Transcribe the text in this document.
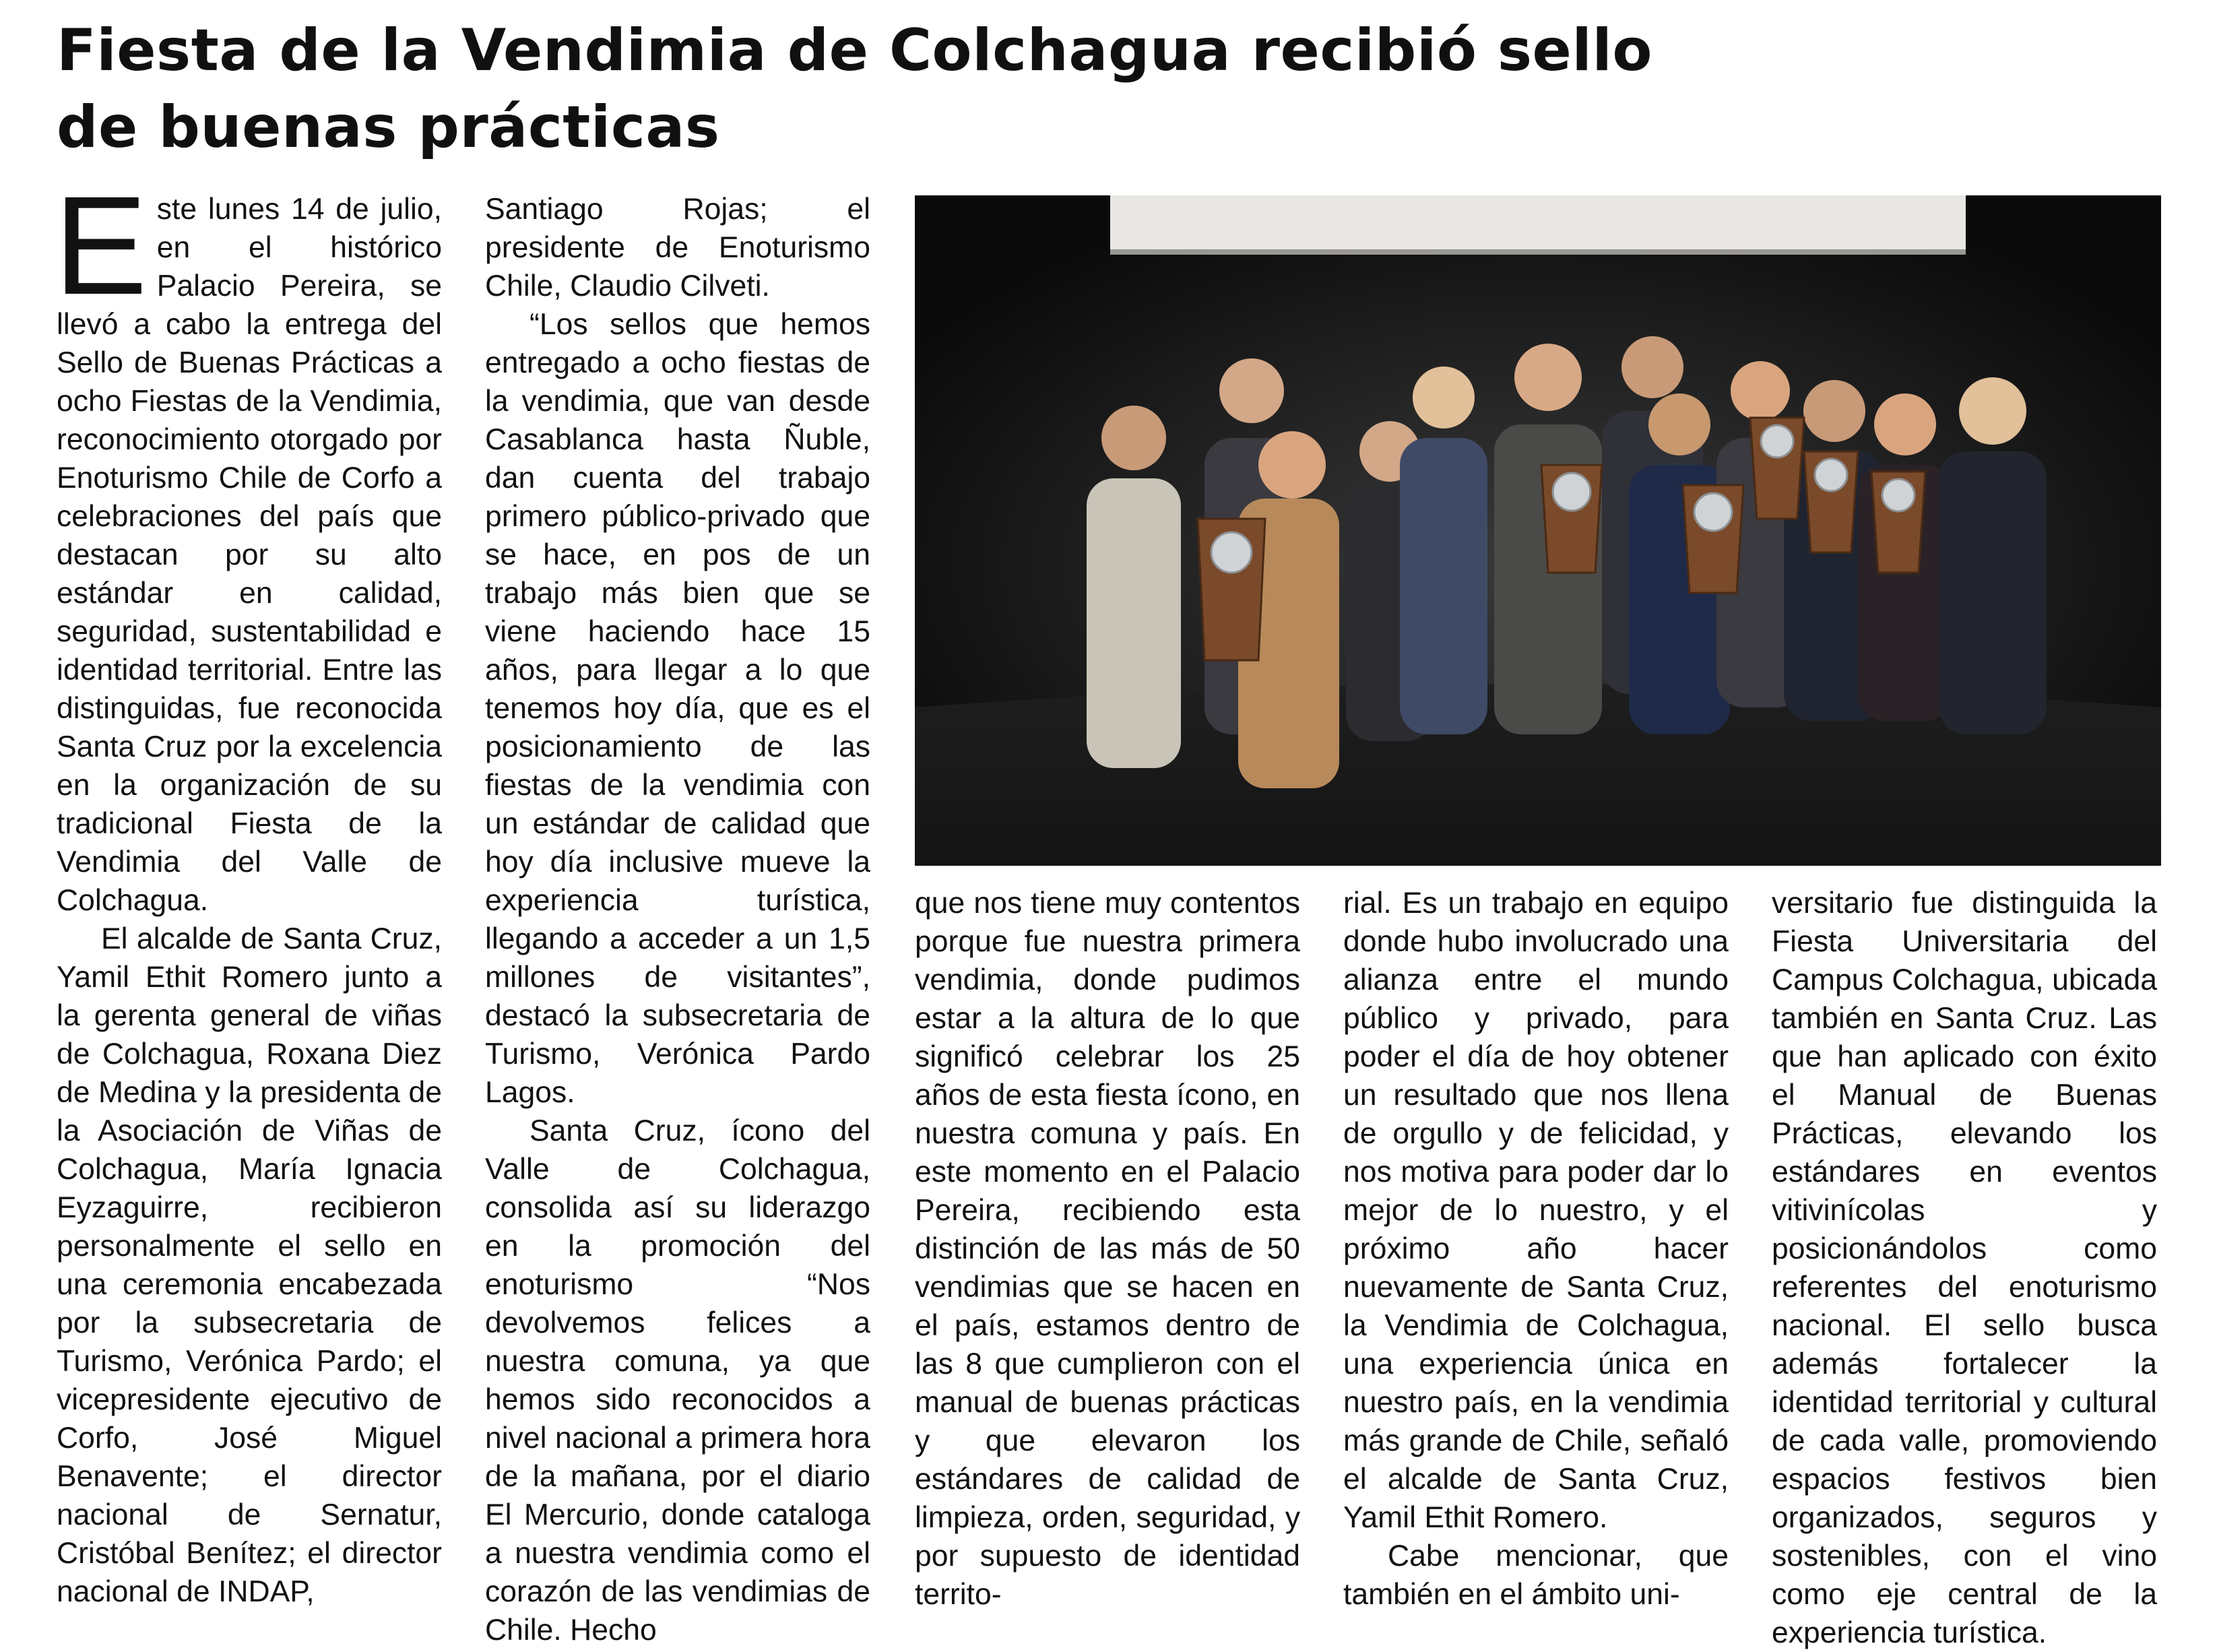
Fiesta de la Vendimia de Colchagua recibió sello
de buenas prácticas

Este lunes 14 de julio, en el histórico Palacio Pereira, se llevó a cabo la entrega del Sello de Buenas Prácticas a ocho Fiestas de la Vendimia, reconocimiento otorgado por Enoturismo Chile de Corfo a celebraciones del país que destacan por su alto estándar en calidad, seguridad, sustentabilidad e identidad territorial. Entre las distinguidas, fue reconocida Santa Cruz por la excelencia en la organización de su tradicional Fiesta de la Vendimia del Valle de Colchagua.

El alcalde de Santa Cruz, Yamil Ethit Romero junto a la gerenta general de viñas de Colchagua, Roxana Diez de Medina y la presidenta de la Asociación de Viñas de Colchagua, María Ignacia Eyzaguirre, recibieron personalmente el sello en una ceremonia encabezada por la subsecretaria de Turismo, Verónica Pardo; el vicepresidente ejecutivo de Corfo, José Miguel Benavente; el director nacional de Sernatur, Cristóbal Benítez; el director nacional de INDAP,

Santiago Rojas; el presidente de Enoturismo Chile, Claudio Cilveti.

“Los sellos que hemos entregado a ocho fiestas de la vendimia, que van desde Casablanca hasta Ñuble, dan cuenta del trabajo primero público-privado que se hace, en pos de un trabajo más bien que se viene haciendo hace 15 años, para llegar a lo que tenemos hoy día, que es el posicionamiento de las fiestas de la vendimia con un estándar de calidad que hoy día inclusive mueve la experiencia turística, llegando a acceder a un 1,5 millones de visitantes”, destacó la subsecretaria de Turismo, Verónica Pardo Lagos.

Santa Cruz, ícono del Valle de Colchagua, consolida así su liderazgo en la promoción del enoturismo “Nos devolvemos felices a nuestra comuna, ya que hemos sido reconocidos a nivel nacional a primera hora de la mañana, por el diario El Mercurio, donde cataloga a nuestra vendimia como el corazón de las vendimias de Chile. Hecho

que nos tiene muy contentos porque fue nuestra primera vendimia, donde pudimos estar a la altura de lo que significó celebrar los 25 años de esta fiesta ícono, en nuestra comuna y país. En este momento en el Palacio Pereira, recibiendo esta distinción de las más de 50 vendimias que se hacen en el país, estamos dentro de las 8 que cumplieron con el manual de buenas prácticas y que elevaron los estándares de calidad de limpieza, orden, seguridad, y por supuesto de identidad territo-

rial. Es un trabajo en equipo donde hubo involucrado una alianza entre el mundo público y privado, para poder el día de hoy obtener un resultado que nos llena de orgullo y de felicidad, y nos motiva para poder dar lo mejor de lo nuestro, y el próximo año hacer nuevamente de Santa Cruz, la Vendimia de Colchagua, una experiencia única en nuestro país, en la vendimia más grande de Chile, señaló el alcalde de Santa Cruz, Yamil Ethit Romero.

Cabe mencionar, que también en el ámbito uni-

versitario fue distinguida la Fiesta Universitaria del Campus Colchagua, ubicada también en Santa Cruz. Las que han aplicado con éxito el Manual de Buenas Prácticas, elevando los estándares en eventos vitivinícolas y posicionándolos como referentes del enoturismo nacional. El sello busca además fortalecer la identidad territorial y cultural de cada valle, promoviendo espacios festivos bien organizados, seguros y sostenibles, con el vino como eje central de la experiencia turística.
